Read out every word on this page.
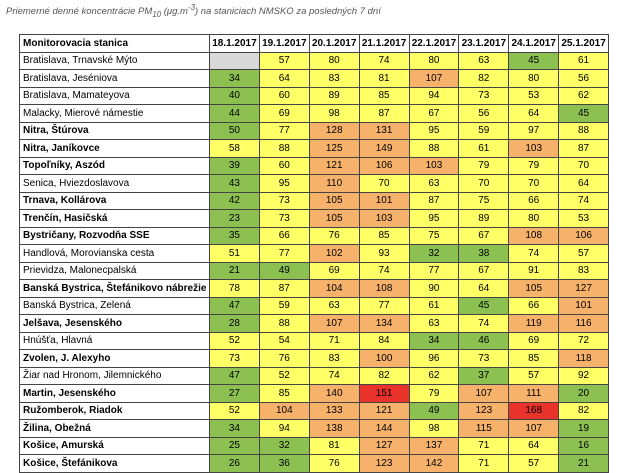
Priemerné denné koncentrácie $PM_{10}$ $(\mu g.m^{-3})$ na staniciach NMSKO za posledných 7 dní
Monitorovacia stanica	18.1.2017	19.1.2017	20.1.2017	21.1.2017	22.1.2017	23.1.2017	24.1.2017	25.1.2017
Bratislava, Trnavské Mýto		57	80	74	80	63	45	61
Bratislava, Jeséniova	34	64	83	81	107	82	80	56
Bratislava, Mamateyova	40	60	89	85	94	73	53	62
Malacky, Mierové námestie	44	69	98	87	67	56	64	45
Nitra, Štúrova	50	77	128	131	95	59	97	88
Nitra, Janíkovce	58	88	125	149	88	61	103	87
Topoľníky, Aszód	39	60	121	106	103	79	79	70
Senica, Hviezdoslavova	43	95	110	70	63	70	70	64
Trnava, Kollárova	42	73	105	101	87	75	66	74
Trenčín, Hasičská	23	73	105	103	95	89	80	53
Bystričany, Rozvodňa SSE	35	66	76	85	75	67	108	106
Handlová, Morovianska cesta	51	77	102	93	32	38	74	57
Prievidza, Malonecpalská	21	49	69	74	77	67	91	83
Banská Bystrica, Štefánikovo nábrežie	78	87	104	108	90	64	105	127
Banská Bystrica, Zelená	47	59	63	77	61	45	66	101
Jelšava, Jesenského	28	88	107	134	63	74	119	116
Hnúšťa, Hlavná	52	54	71	84	34	46	69	72
Zvolen, J. Alexyho	73	76	83	100	96	73	85	118
Žiar nad Hronom, Jilemnického	47	52	74	82	62	37	57	92
Martin, Jesenského	27	85	140	151	79	107	111	20
Ružomberok, Riadok	52	104	133	121	49	123	168	82
Žilina, Obežná	34	94	138	144	98	115	107	19
Košice, Amurská	25	32	81	127	137	71	64	16
Košice, Štefánikova	26	36	76	123	142	71	57	21
